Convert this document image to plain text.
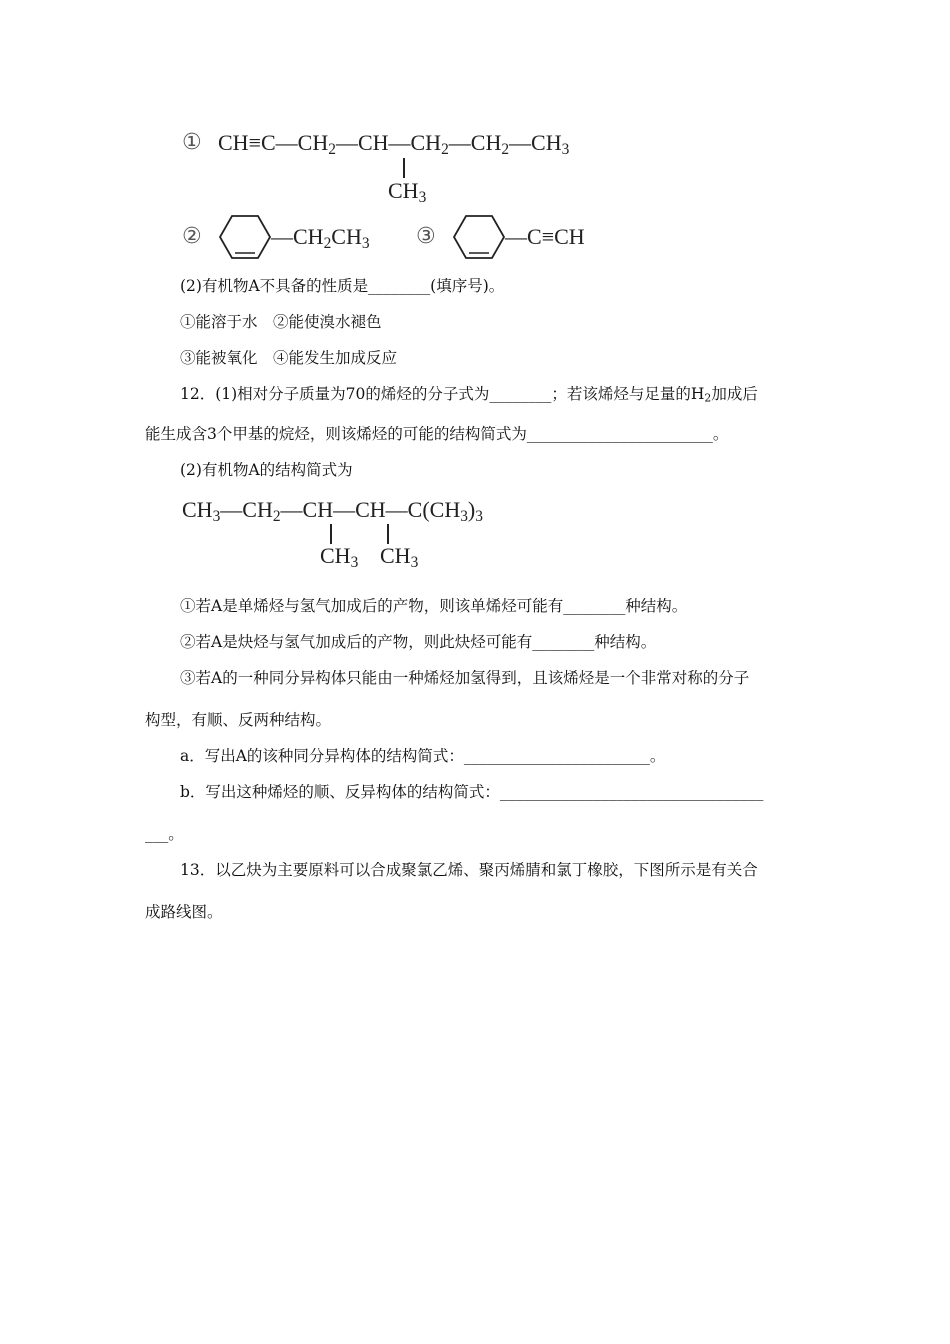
① $CH\equiv C—CH_2—CH—CH_2—CH_2—CH_3$
$CH_3$
②	$—CH_2CH_3$ ③	—C≡CH
(2)有机物A不具备的性质是________(填序号)。
①能溶于水　②能使溴水褪色
③能被氧化　④能发生加成反应
12．(1)相对分子质量为70的烯烃的分子式为________；若该烯烃与足量的$H_2$加成后
能生成含3个甲基的烷烃，则该烯烃的可能的结构简式为________________________。
(2)有机物A的结构简式为
$CH_3—CH_2—CH—CH—C(CH_3)_3$
$CH_3$ $CH_3$
①若A是单烯烃与氢气加成后的产物，则该单烯烃可能有________种结构。
②若A是炔烃与氢气加成后的产物，则此炔烃可能有________种结构。
③若A的一种同分异构体只能由一种烯烃加氢得到，且该烯烃是一个非常对称的分子
构型，有顺、反两种结构。
a．写出A的该种同分异构体的结构简式：________________________。
b．写出这种烯烃的顺、反异构体的结构简式：__________________________________
___。
13．以乙炔为主要原料可以合成聚氯乙烯、聚丙烯腈和氯丁橡胶，下图所示是有关合
成路线图。
